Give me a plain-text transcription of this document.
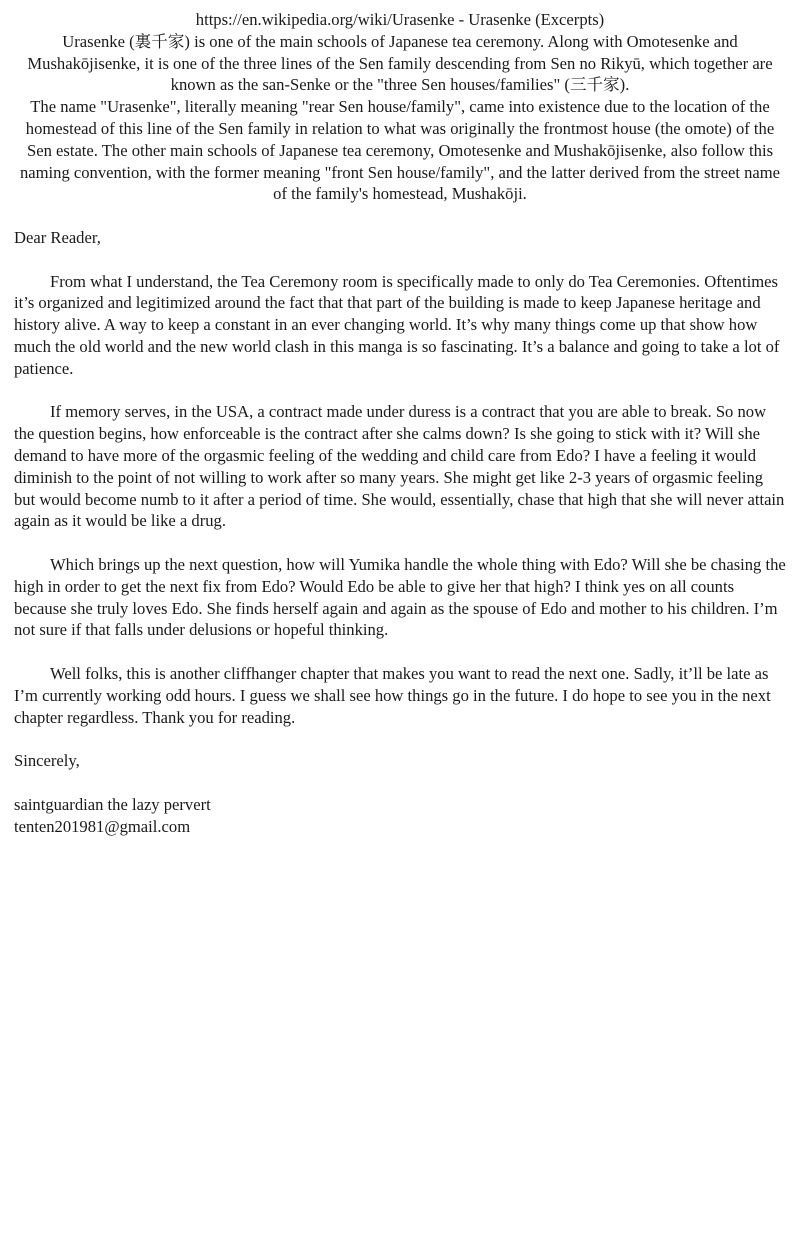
https://en.wikipedia.org/wiki/Urasenke - Urasenke (Excerpts)

Urasenke (裏千家) is one of the main schools of Japanese tea ceremony. Along with Omotesenke and Mushakōjisenke, it is one of the three lines of the Sen family descending from Sen no Rikyū, which together are known as the san-Senke or the "three Sen houses/families" (三千家).

The name "Urasenke", literally meaning "rear Sen house/family", came into existence due to the location of the homestead of this line of the Sen family in relation to what was originally the frontmost house (the omote) of the Sen estate. The other main schools of Japanese tea ceremony, Omotesenke and Mushakōjisenke, also follow this naming convention, with the former meaning "front Sen house/family", and the latter derived from the street name of the family's homestead, Mushakōji.

Dear Reader,

From what I understand, the Tea Ceremony room is specifically made to only do Tea Ceremonies. Oftentimes it’s organized and legitimized around the fact that that part of the building is made to keep Japanese heritage and history alive. A way to keep a constant in an ever changing world. It’s why many things come up that show how much the old world and the new world clash in this manga is so fascinating. It’s a balance and going to take a lot of patience.

If memory serves, in the USA, a contract made under duress is a contract that you are able to break. So now the question begins, how enforceable is the contract after she calms down? Is she going to stick with it? Will she demand to have more of the orgasmic feeling of the wedding and child care from Edo? I have a feeling it would diminish to the point of not willing to work after so many years. She might get like 2-3 years of orgasmic feeling but would become numb to it after a period of time. She would, essentially, chase that high that she will never attain again as it would be like a drug.

Which brings up the next question, how will Yumika handle the whole thing with Edo? Will she be chasing the high in order to get the next fix from Edo? Would Edo be able to give her that high? I think yes on all counts because she truly loves Edo. She finds herself again and again as the spouse of Edo and mother to his children. I’m not sure if that falls under delusions or hopeful thinking.

Well folks, this is another cliffhanger chapter that makes you want to read the next one. Sadly, it’ll be late as I’m currently working odd hours. I guess we shall see how things go in the future. I do hope to see you in the next chapter regardless. Thank you for reading.

Sincerely,

saintguardian the lazy pervert

tenten201981@gmail.com
